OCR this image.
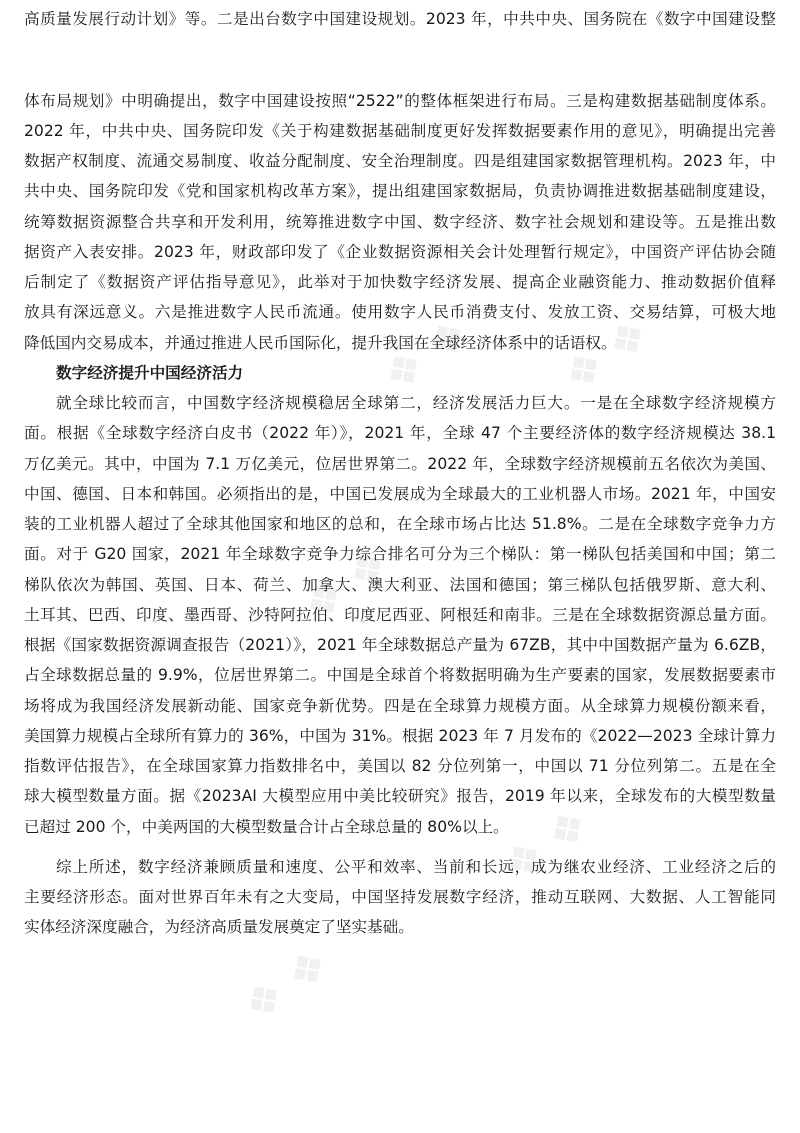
❖ ❖ ❖ ❖
❖ ❖
❖ ❖
❖ ❖
高质量发展行动计划》等。二是出台数字中国建设规划。2023 年，中共中央、国务院在《数字中国建设整
体布局规划》中明确提出，数字中国建设按照“2522”的整体框架进行布局。三是构建数据基础制度体系。
2022 年，中共中央、国务院印发《关于构建数据基础制度更好发挥数据要素作用的意见》，明确提出完善
数据产权制度、流通交易制度、收益分配制度、安全治理制度。四是组建国家数据管理机构。2023 年，中
共中央、国务院印发《党和国家机构改革方案》，提出组建国家数据局，负责协调推进数据基础制度建设，
统筹数据资源整合共享和开发利用，统筹推进数字中国、数字经济、数字社会规划和建设等。五是推出数
据资产入表安排。2023 年，财政部印发了《企业数据资源相关会计处理暂行规定》，中国资产评估协会随
后制定了《数据资产评估指导意见》，此举对于加快数字经济发展、提高企业融资能力、推动数据价值释
放具有深远意义。六是推进数字人民币流通。使用数字人民币消费支付、发放工资、交易结算，可极大地
降低国内交易成本，并通过推进人民币国际化，提升我国在全球经济体系中的话语权。
数字经济提升中国经济活力
就全球比较而言，中国数字经济规模稳居全球第二，经济发展活力巨大。一是在全球数字经济规模方
面。根据《全球数字经济白皮书（2022 年）》，2021 年，全球 47 个主要经济体的数字经济规模达 38.1
万亿美元。其中，中国为 7.1 万亿美元，位居世界第二。2022 年，全球数字经济规模前五名依次为美国、
中国、德国、日本和韩国。必须指出的是，中国已发展成为全球最大的工业机器人市场。2021 年，中国安
装的工业机器人超过了全球其他国家和地区的总和，在全球市场占比达 51.8%。二是在全球数字竞争力方
面。对于 G20 国家，2021 年全球数字竞争力综合排名可分为三个梯队：第一梯队包括美国和中国；第二
梯队依次为韩国、英国、日本、荷兰、加拿大、澳大利亚、法国和德国；第三梯队包括俄罗斯、意大利、
土耳其、巴西、印度、墨西哥、沙特阿拉伯、印度尼西亚、阿根廷和南非。三是在全球数据资源总量方面。
根据《国家数据资源调查报告（2021）》，2021 年全球数据总产量为 67ZB，其中中国数据产量为 6.6ZB，
占全球数据总量的 9.9%，位居世界第二。中国是全球首个将数据明确为生产要素的国家，发展数据要素市
场将成为我国经济发展新动能、国家竞争新优势。四是在全球算力规模方面。从全球算力规模份额来看，
美国算力规模占全球所有算力的 36%，中国为 31%。根据 2023 年 7 月发布的《2022—2023 全球计算力
指数评估报告》，在全球国家算力指数排名中，美国以 82 分位列第一，中国以 71 分位列第二。五是在全
球大模型数量方面。据《2023AI 大模型应用中美比较研究》报告，2019 年以来，全球发布的大模型数量
已超过 200 个，中美两国的大模型数量合计占全球总量的 80%以上。
综上所述，数字经济兼顾质量和速度、公平和效率、当前和长远，成为继农业经济、工业经济之后的
主要经济形态。面对世界百年未有之大变局，中国坚持发展数字经济，推动互联网、大数据、人工智能同
实体经济深度融合，为经济高质量发展奠定了坚实基础。
